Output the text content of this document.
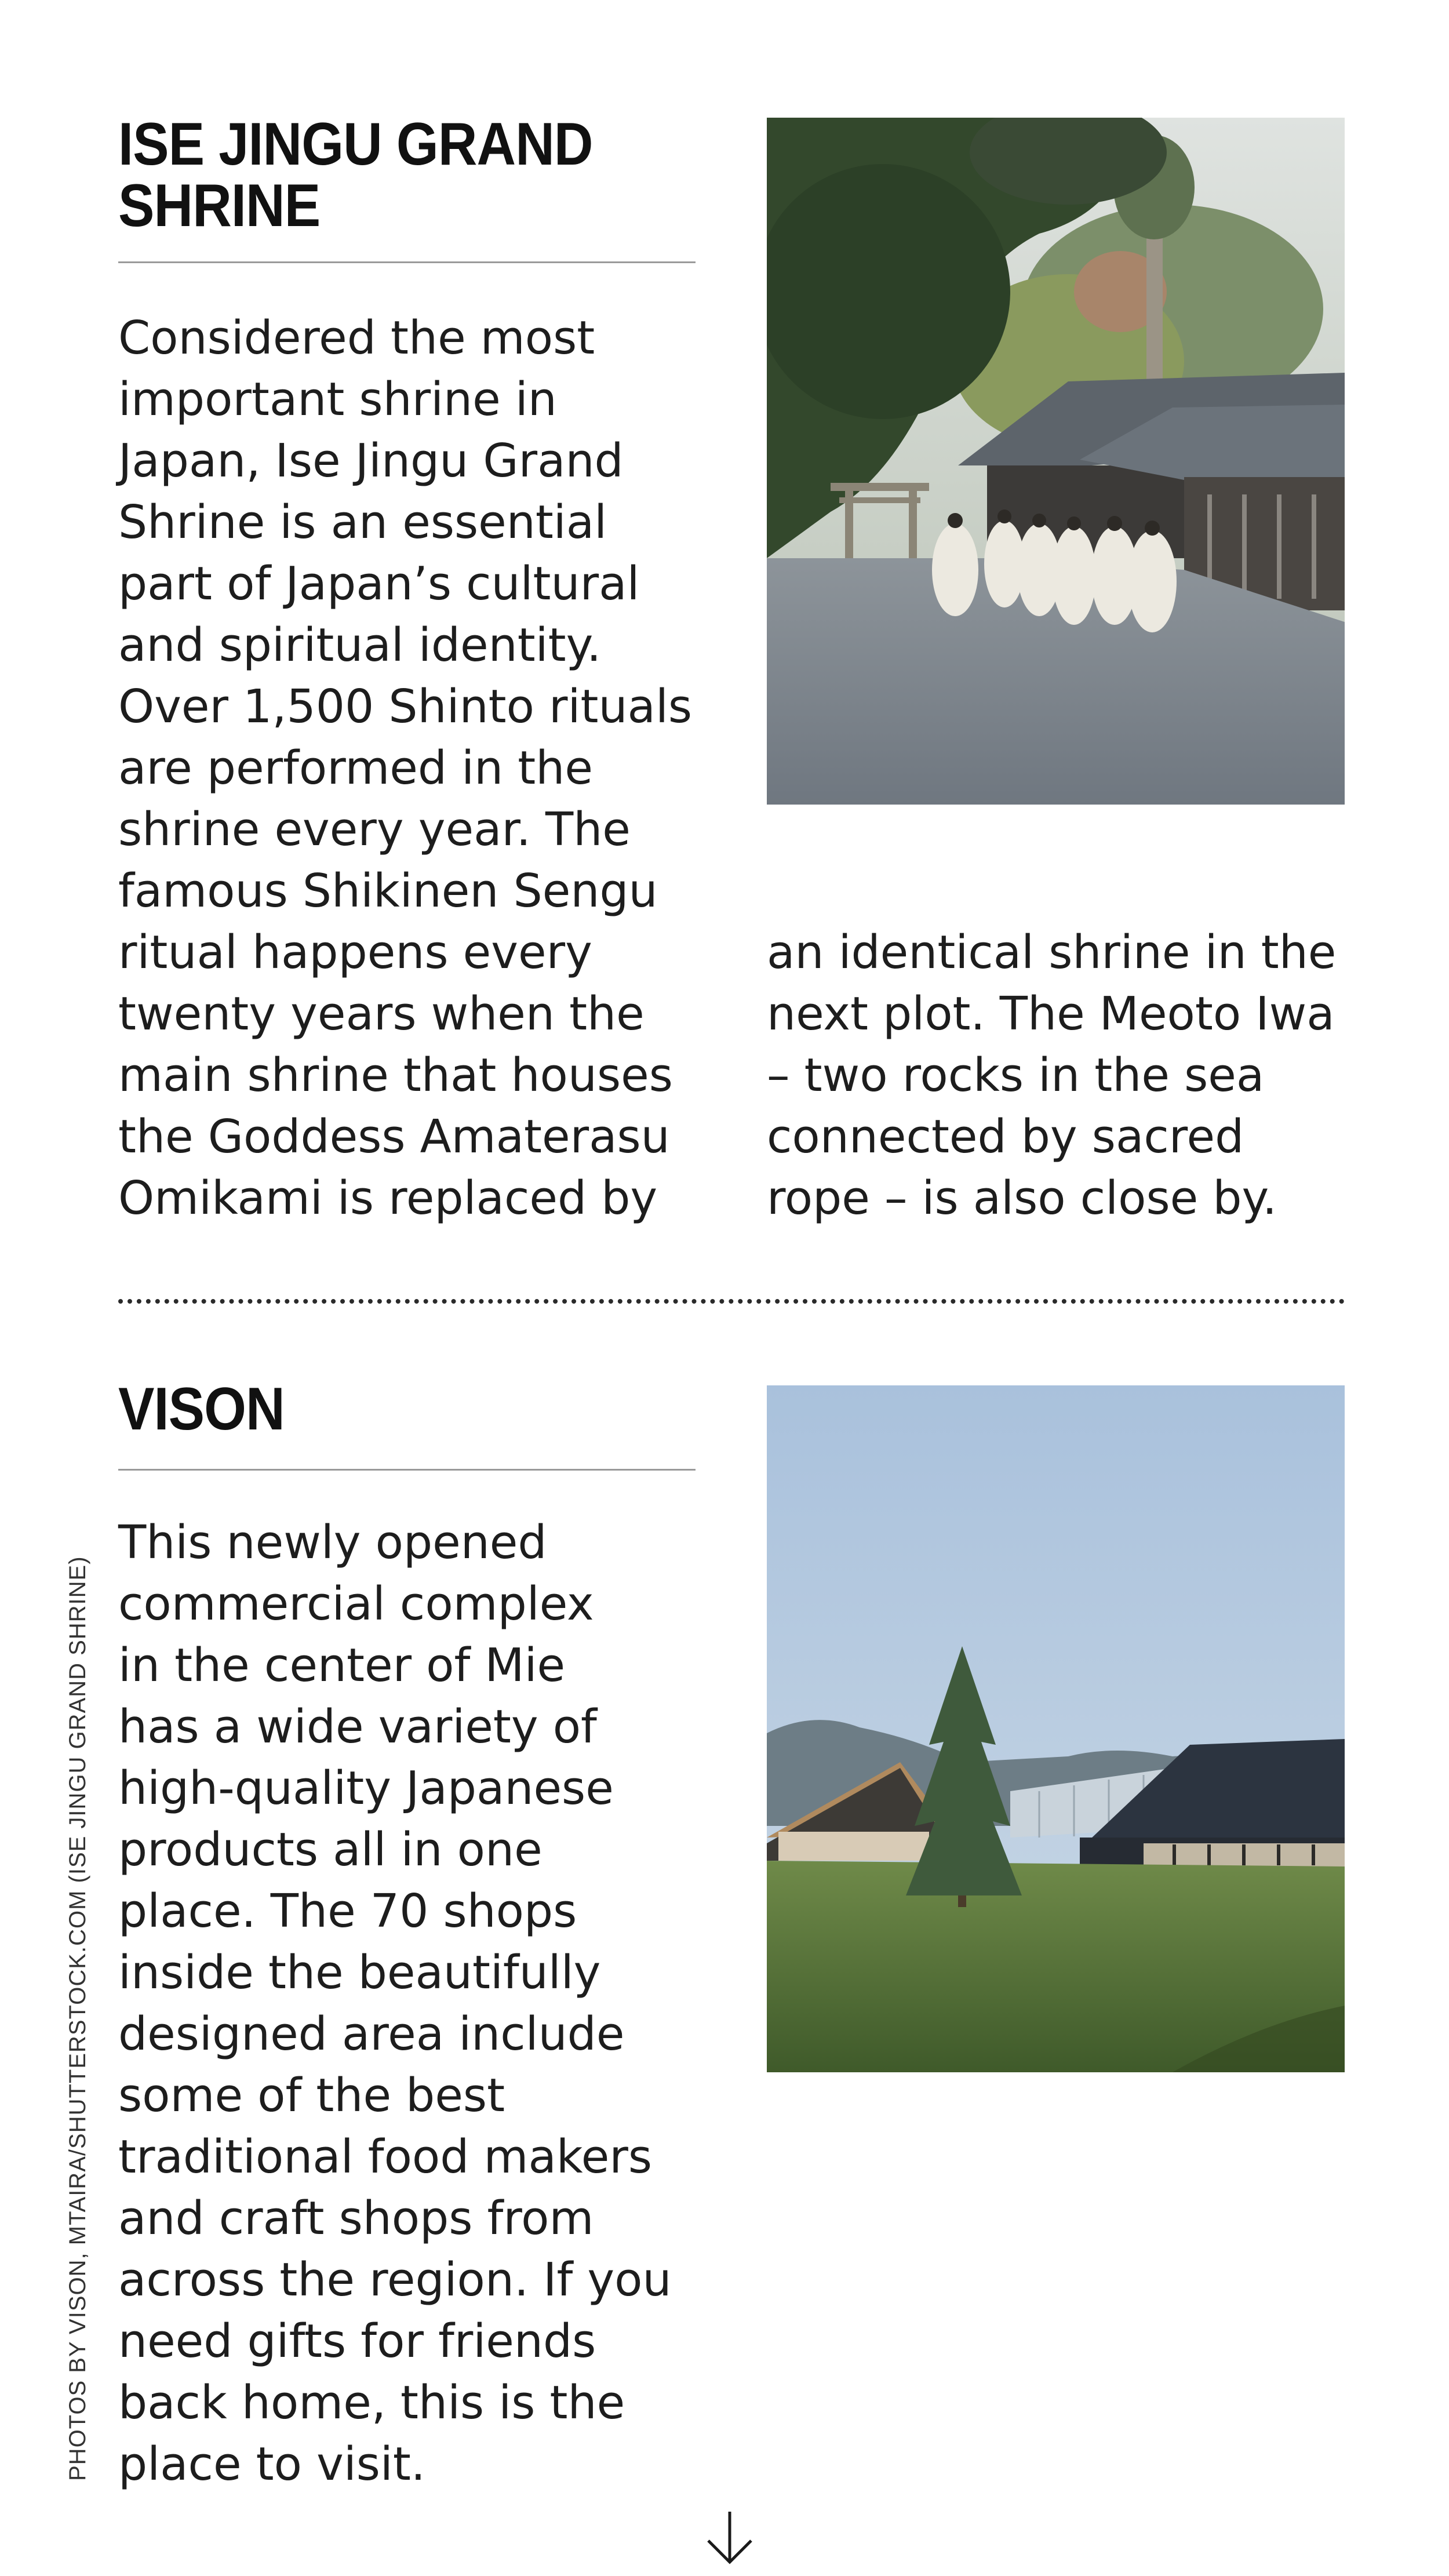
ISE JINGU GRAND
SHRINE
Considered the most
important shrine in
Japan, Ise Jingu Grand
Shrine is an essential
part of Japan’s cultural
and spiritual identity.
Over 1,500 Shinto rituals
are performed in the
shrine every year. The
famous Shikinen Sengu
ritual happens every
twenty years when the
main shrine that houses
the Goddess Amaterasu
Omikami is replaced by
an identical shrine in the
next plot. The Meoto Iwa
– two rocks in the sea
connected by sacred
rope – is also close by.
VISON
This newly opened
commercial complex
in the center of Mie
has a wide variety of
high-quality Japanese
products all in one
place. The 70 shops
inside the beautifully
designed area include
some of the best
traditional food makers
and craft shops from
across the region. If you
need gifts for friends
back home, this is the
place to visit.
PHOTOS BY VISON, MTAIRA/SHUTTERSTOCK.COM (ISE JINGU GRAND SHRINE)
